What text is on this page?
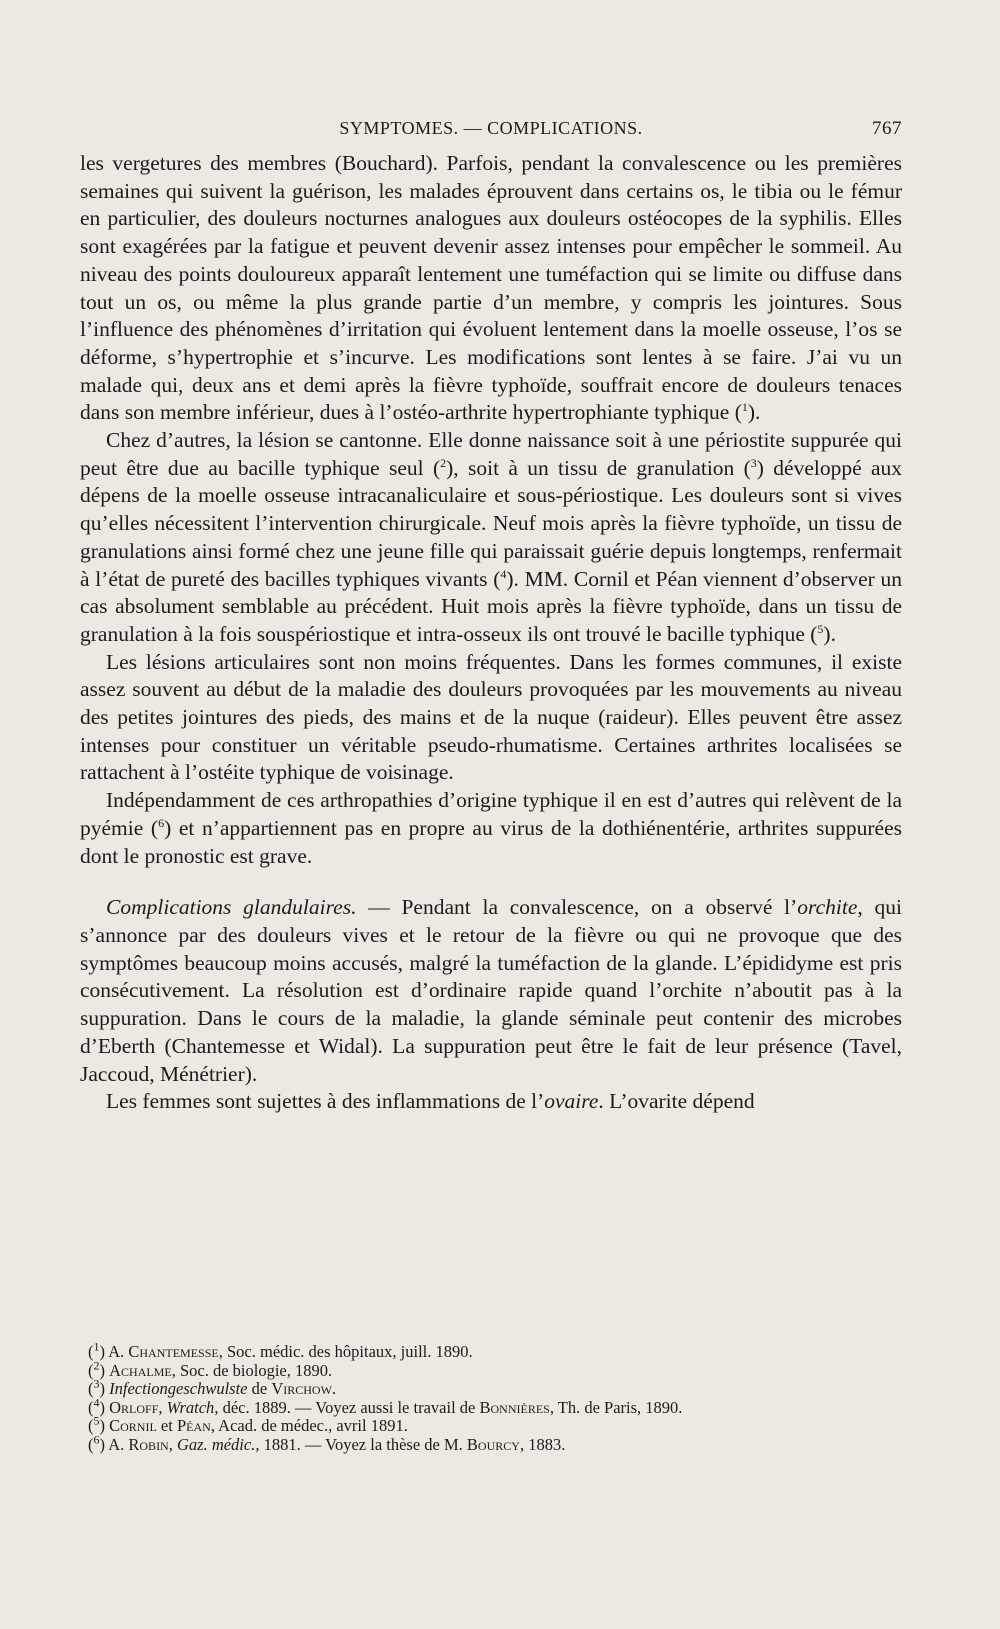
SYMPTOMES. — COMPLICATIONS.	767

les vergetures des membres (Bouchard). Parfois, pendant la convalescence ou les premières semaines qui suivent la guérison, les malades éprouvent dans certains os, le tibia ou le fémur en particulier, des douleurs nocturnes analogues aux douleurs ostéocopes de la syphilis. Elles sont exagérées par la fatigue et peuvent devenir assez intenses pour empêcher le sommeil. Au niveau des points douloureux apparaît lentement une tuméfaction qui se limite ou diffuse dans tout un os, ou même la plus grande partie d’un membre, y compris les jointures. Sous l’influence des phénomènes d’irritation qui évoluent lentement dans la moelle osseuse, l’os se déforme, s’hypertrophie et s’incurve. Les modifications sont lentes à se faire. J’ai vu un malade qui, deux ans et demi après la fièvre typhoïde, souffrait encore de douleurs tenaces dans son membre inférieur, dues à l’ostéo-arthrite hypertrophiante typhique ($^1$).

Chez d’autres, la lésion se cantonne. Elle donne naissance soit à une périostite suppurée qui peut être due au bacille typhique seul ($^2$), soit à un tissu de granulation ($^3$) développé aux dépens de la moelle osseuse intracanaliculaire et sous-périostique. Les douleurs sont si vives qu’elles nécessitent l’intervention chirurgicale. Neuf mois après la fièvre typhoïde, un tissu de granulations ainsi formé chez une jeune fille qui paraissait guérie depuis longtemps, renfermait à l’état de pureté des bacilles typhiques vivants ($^4$). MM. Cornil et Péan viennent d’observer un cas absolument semblable au précédent. Huit mois après la fièvre typhoïde, dans un tissu de granulation à la fois souspériostique et intra-osseux ils ont trouvé le bacille typhique ($^5$).

Les lésions articulaires sont non moins fréquentes. Dans les formes communes, il existe assez souvent au début de la maladie des douleurs provoquées par les mouvements au niveau des petites jointures des pieds, des mains et de la nuque (raideur). Elles peuvent être assez intenses pour constituer un véritable pseudo-rhumatisme. Certaines arthrites localisées se rattachent à l’ostéite typhique de voisinage.

Indépendamment de ces arthropathies d’origine typhique il en est d’autres qui relèvent de la pyémie ($^6$) et n’appartiennent pas en propre au virus de la dothiénentérie, arthrites suppurées dont le pronostic est grave.

Complications glandulaires. — Pendant la convalescence, on a observé l’orchite, qui s’annonce par des douleurs vives et le retour de la fièvre ou qui ne provoque que des symptômes beaucoup moins accusés, malgré la tuméfaction de la glande. L’épididyme est pris consécutivement. La résolution est d’ordinaire rapide quand l’orchite n’aboutit pas à la suppuration. Dans le cours de la maladie, la glande séminale peut contenir des microbes d’Eberth (Chantemesse et Widal). La suppuration peut être le fait de leur présence (Tavel, Jaccoud, Ménétrier).

Les femmes sont sujettes à des inflammations de l’ovaire. L’ovarite dépend

($^1$) A. Chantemesse, Soc. médic. des hôpitaux, juill. 1890.

($^2$) Achalme, Soc. de biologie, 1890.

($^3$) Infectiongeschwulste de Virchow.

($^4$) Orloff, Wratch, déc. 1889. — Voyez aussi le travail de Bonnières, Th. de Paris, 1890.

($^5$) Cornil et Péan, Acad. de médec., avril 1891.

($^6$) A. Robin, Gaz. médic., 1881. — Voyez la thèse de M. Bourcy, 1883.
